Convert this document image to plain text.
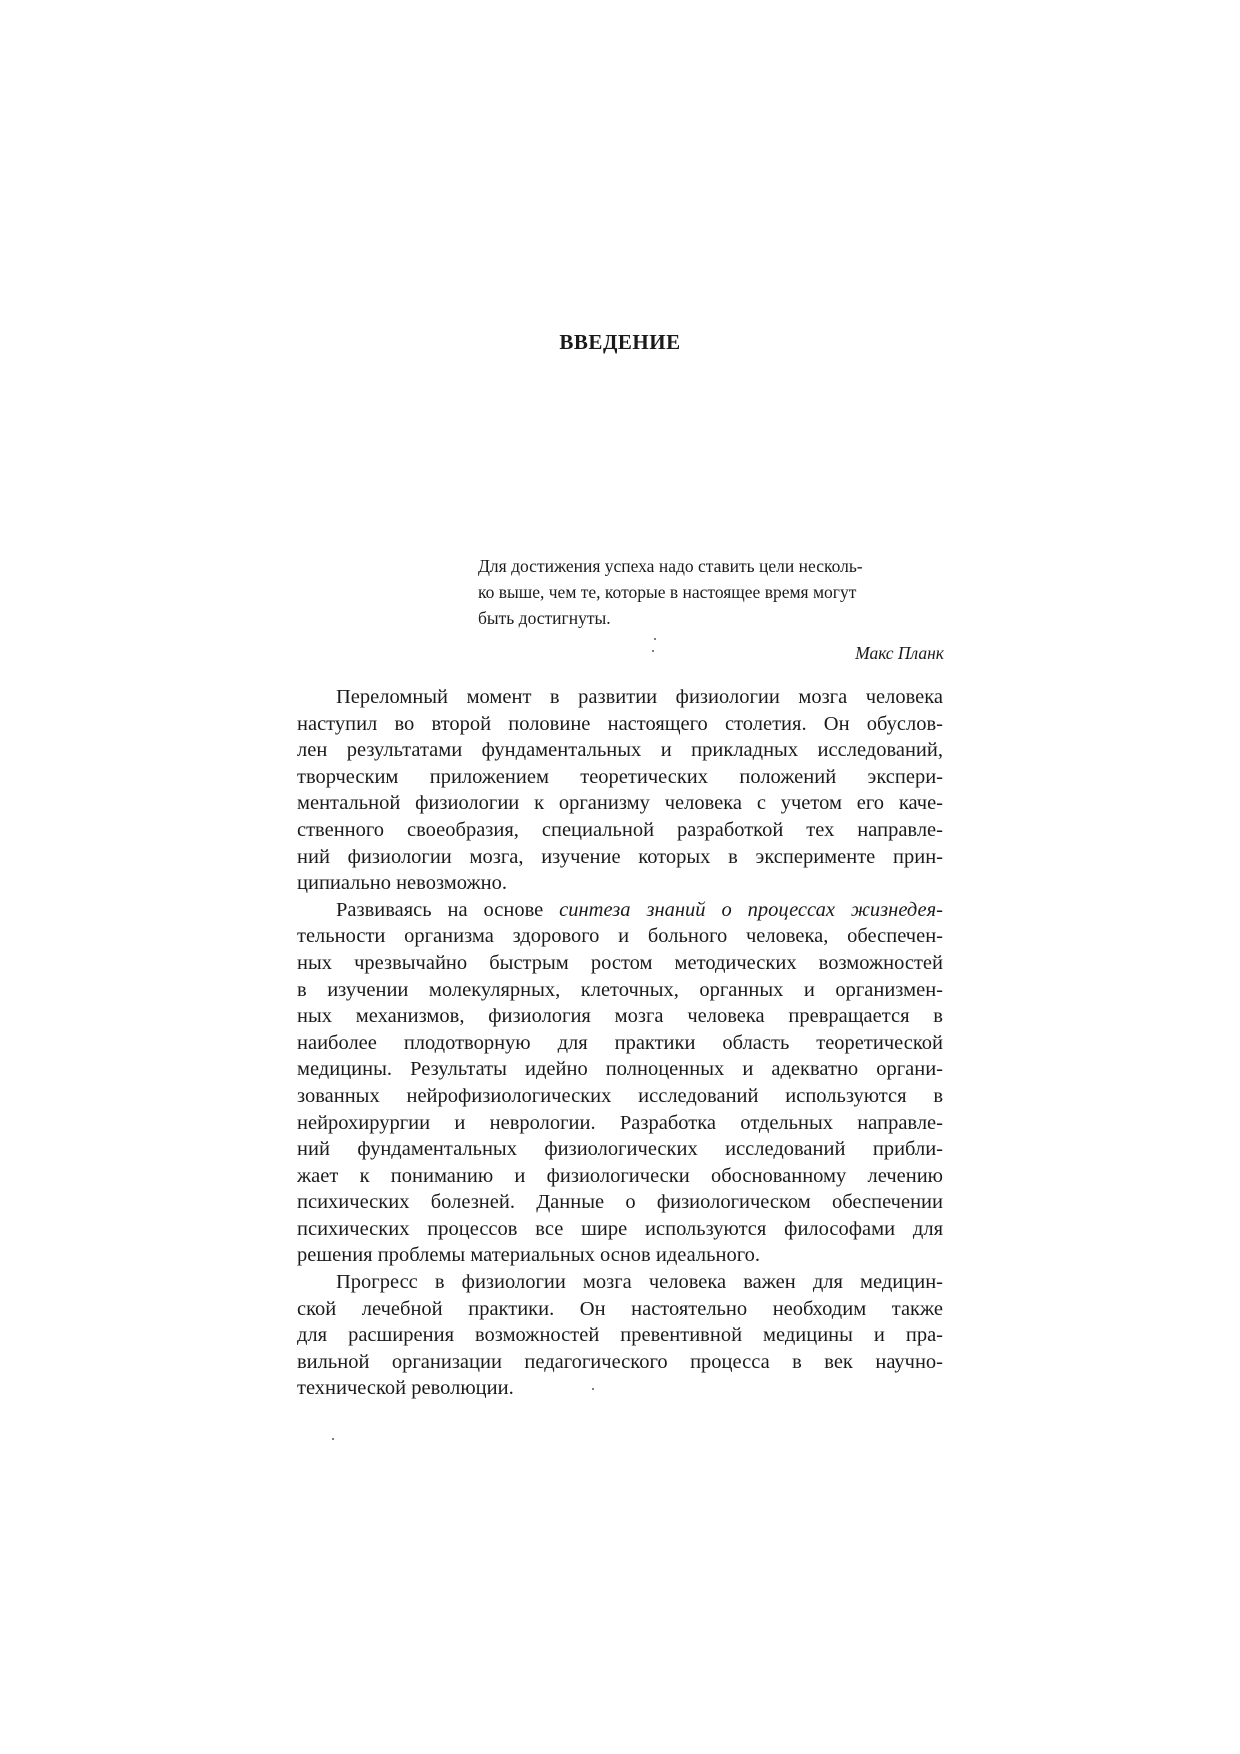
ВВЕДЕНИЕ
Для достижения успеха надо ставить цели несколь-
ко выше, чем те, которые в настоящее время могут
быть достигнуты.
Макс Планк
Переломный момент в развитии физиологии мозга человека
наступил во второй половине настоящего столетия. Он обуслов-
лен результатами фундаментальных и прикладных исследований,
творческим приложением теоретических положений экспери-
ментальной физиологии к организму человека с учетом его каче-
ственного своеобразия, специальной разработкой тех направле-
ний физиологии мозга, изучение которых в эксперименте прин-
ципиально невозможно.
Развиваясь на основе синтеза знаний о процессах жизнедея-
тельности организма здорового и больного человека, обеспечен-
ных чрезвычайно быстрым ростом методических возможностей
в изучении молекулярных, клеточных, органных и организмен-
ных механизмов, физиология мозга человека превращается в
наиболее плодотворную для практики область теоретической
медицины. Результаты идейно полноценных и адекватно органи-
зованных нейрофизиологических исследований используются в
нейрохирургии и неврологии. Разработка отдельных направле-
ний фундаментальных физиологических исследований прибли-
жает к пониманию и физиологически обоснованному лечению
психических болезней. Данные о физиологическом обеспечении
психических процессов все шире используются философами для
решения проблемы материальных основ идеального.
Прогресс в физиологии мозга человека важен для медицин-
ской лечебной практики. Он настоятельно необходим также
для расширения возможностей превентивной медицины и пра-
вильной организации педагогического процесса в век научно-
технической революции.
